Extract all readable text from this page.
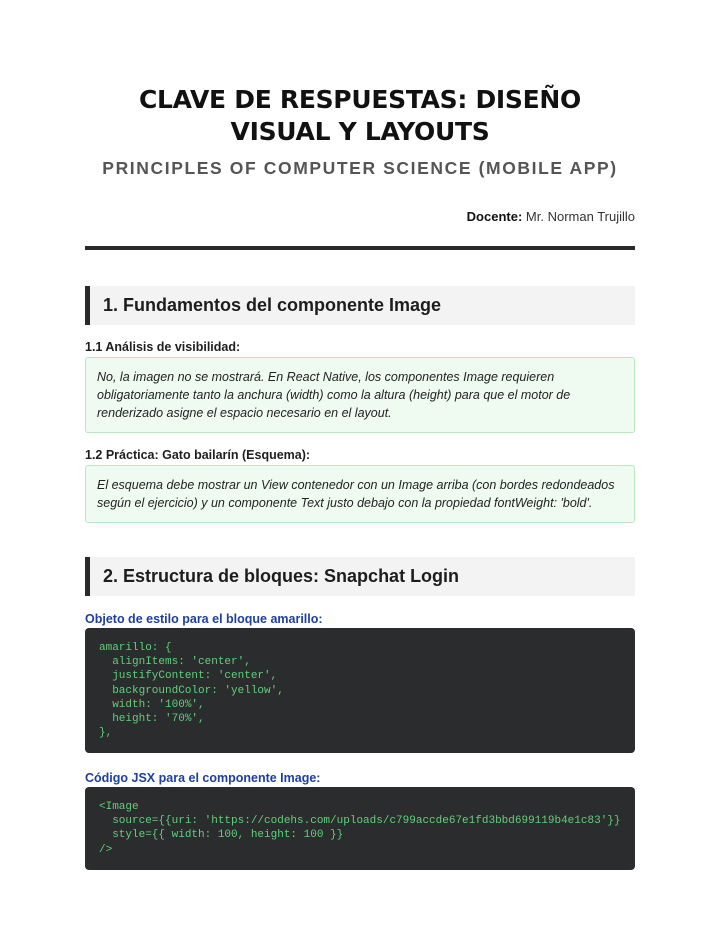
CLAVE DE RESPUESTAS: DISEÑO VISUAL Y LAYOUTS
PRINCIPLES OF COMPUTER SCIENCE (MOBILE APP)
Docente: Mr. Norman Trujillo
1. Fundamentos del componente Image
1.1 Análisis de visibilidad:
No, la imagen no se mostrará. En React Native, los componentes Image requieren obligatoriamente tanto la anchura (width) como la altura (height) para que el motor de renderizado asigne el espacio necesario en el layout.
1.2 Práctica: Gato bailarín (Esquema):
El esquema debe mostrar un View contenedor con un Image arriba (con bordes redondeados según el ejercicio) y un componente Text justo debajo con la propiedad fontWeight: 'bold'.
2. Estructura de bloques: Snapchat Login
Objeto de estilo para el bloque amarillo:
amarillo: {
alignItems: 'center',
justifyContent: 'center',
backgroundColor: 'yellow',
width: '100%',
height: '70%',
},
Código JSX para el componente Image:
<Image
source={{uri: 'https://codehs.com/uploads/c799accde67e1fd3bbd699119b4e1c83'}}
style={{ width: 100, height: 100 }}
/>
